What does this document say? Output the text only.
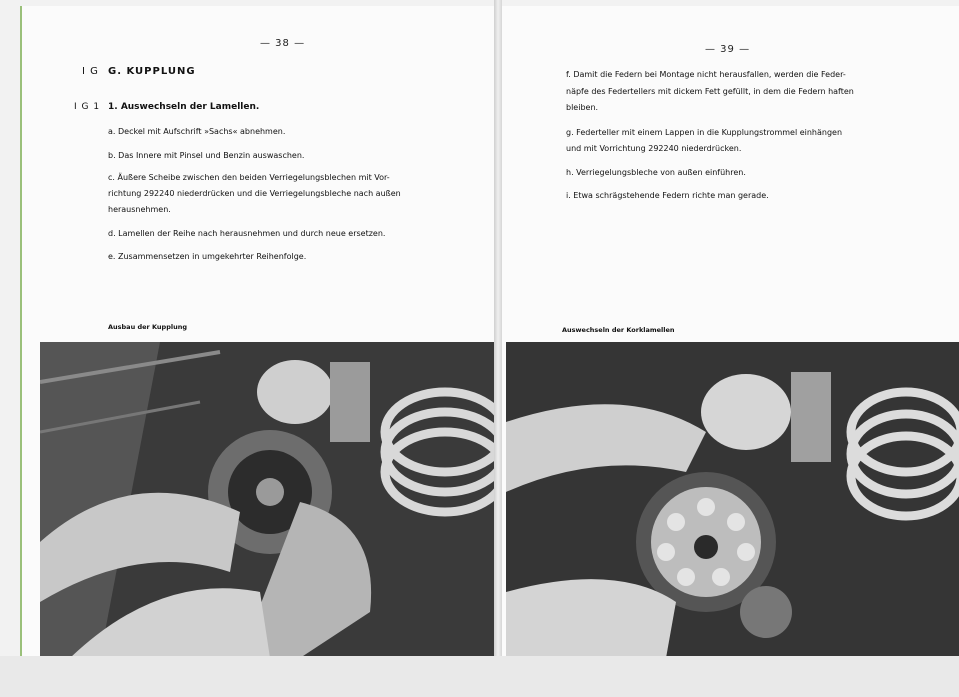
— 38 —
I G G. KUPPLUNG
I G 1 1. Auswechseln der Lamellen.
a. Deckel mit Aufschrift »Sachs« abnehmen.
b. Das Innere mit Pinsel und Benzin auswaschen.
c. Äußere Scheibe zwischen den beiden Verriegelungsblechen mit Vor-
richtung 292240 niederdrücken und die Verriegelungsbleche nach außen
herausnehmen.
d. Lamellen der Reihe nach herausnehmen und durch neue ersetzen.
e. Zusammensetzen in umgekehrter Reihenfolge.
Ausbau der Kupplung
— 39 —
f. Damit die Federn bei Montage nicht herausfallen, werden die Feder-
näpfe des Federtellers mit dickem Fett gefüllt, in dem die Federn haften
bleiben.
g. Federteller mit einem Lappen in die Kupplungstrommel einhängen
und mit Vorrichtung 292240 niederdrücken.
h. Verriegelungsbleche von außen einführen.
i. Etwa schrägstehende Federn richte man gerade.
Auswechseln der Korklamellen
